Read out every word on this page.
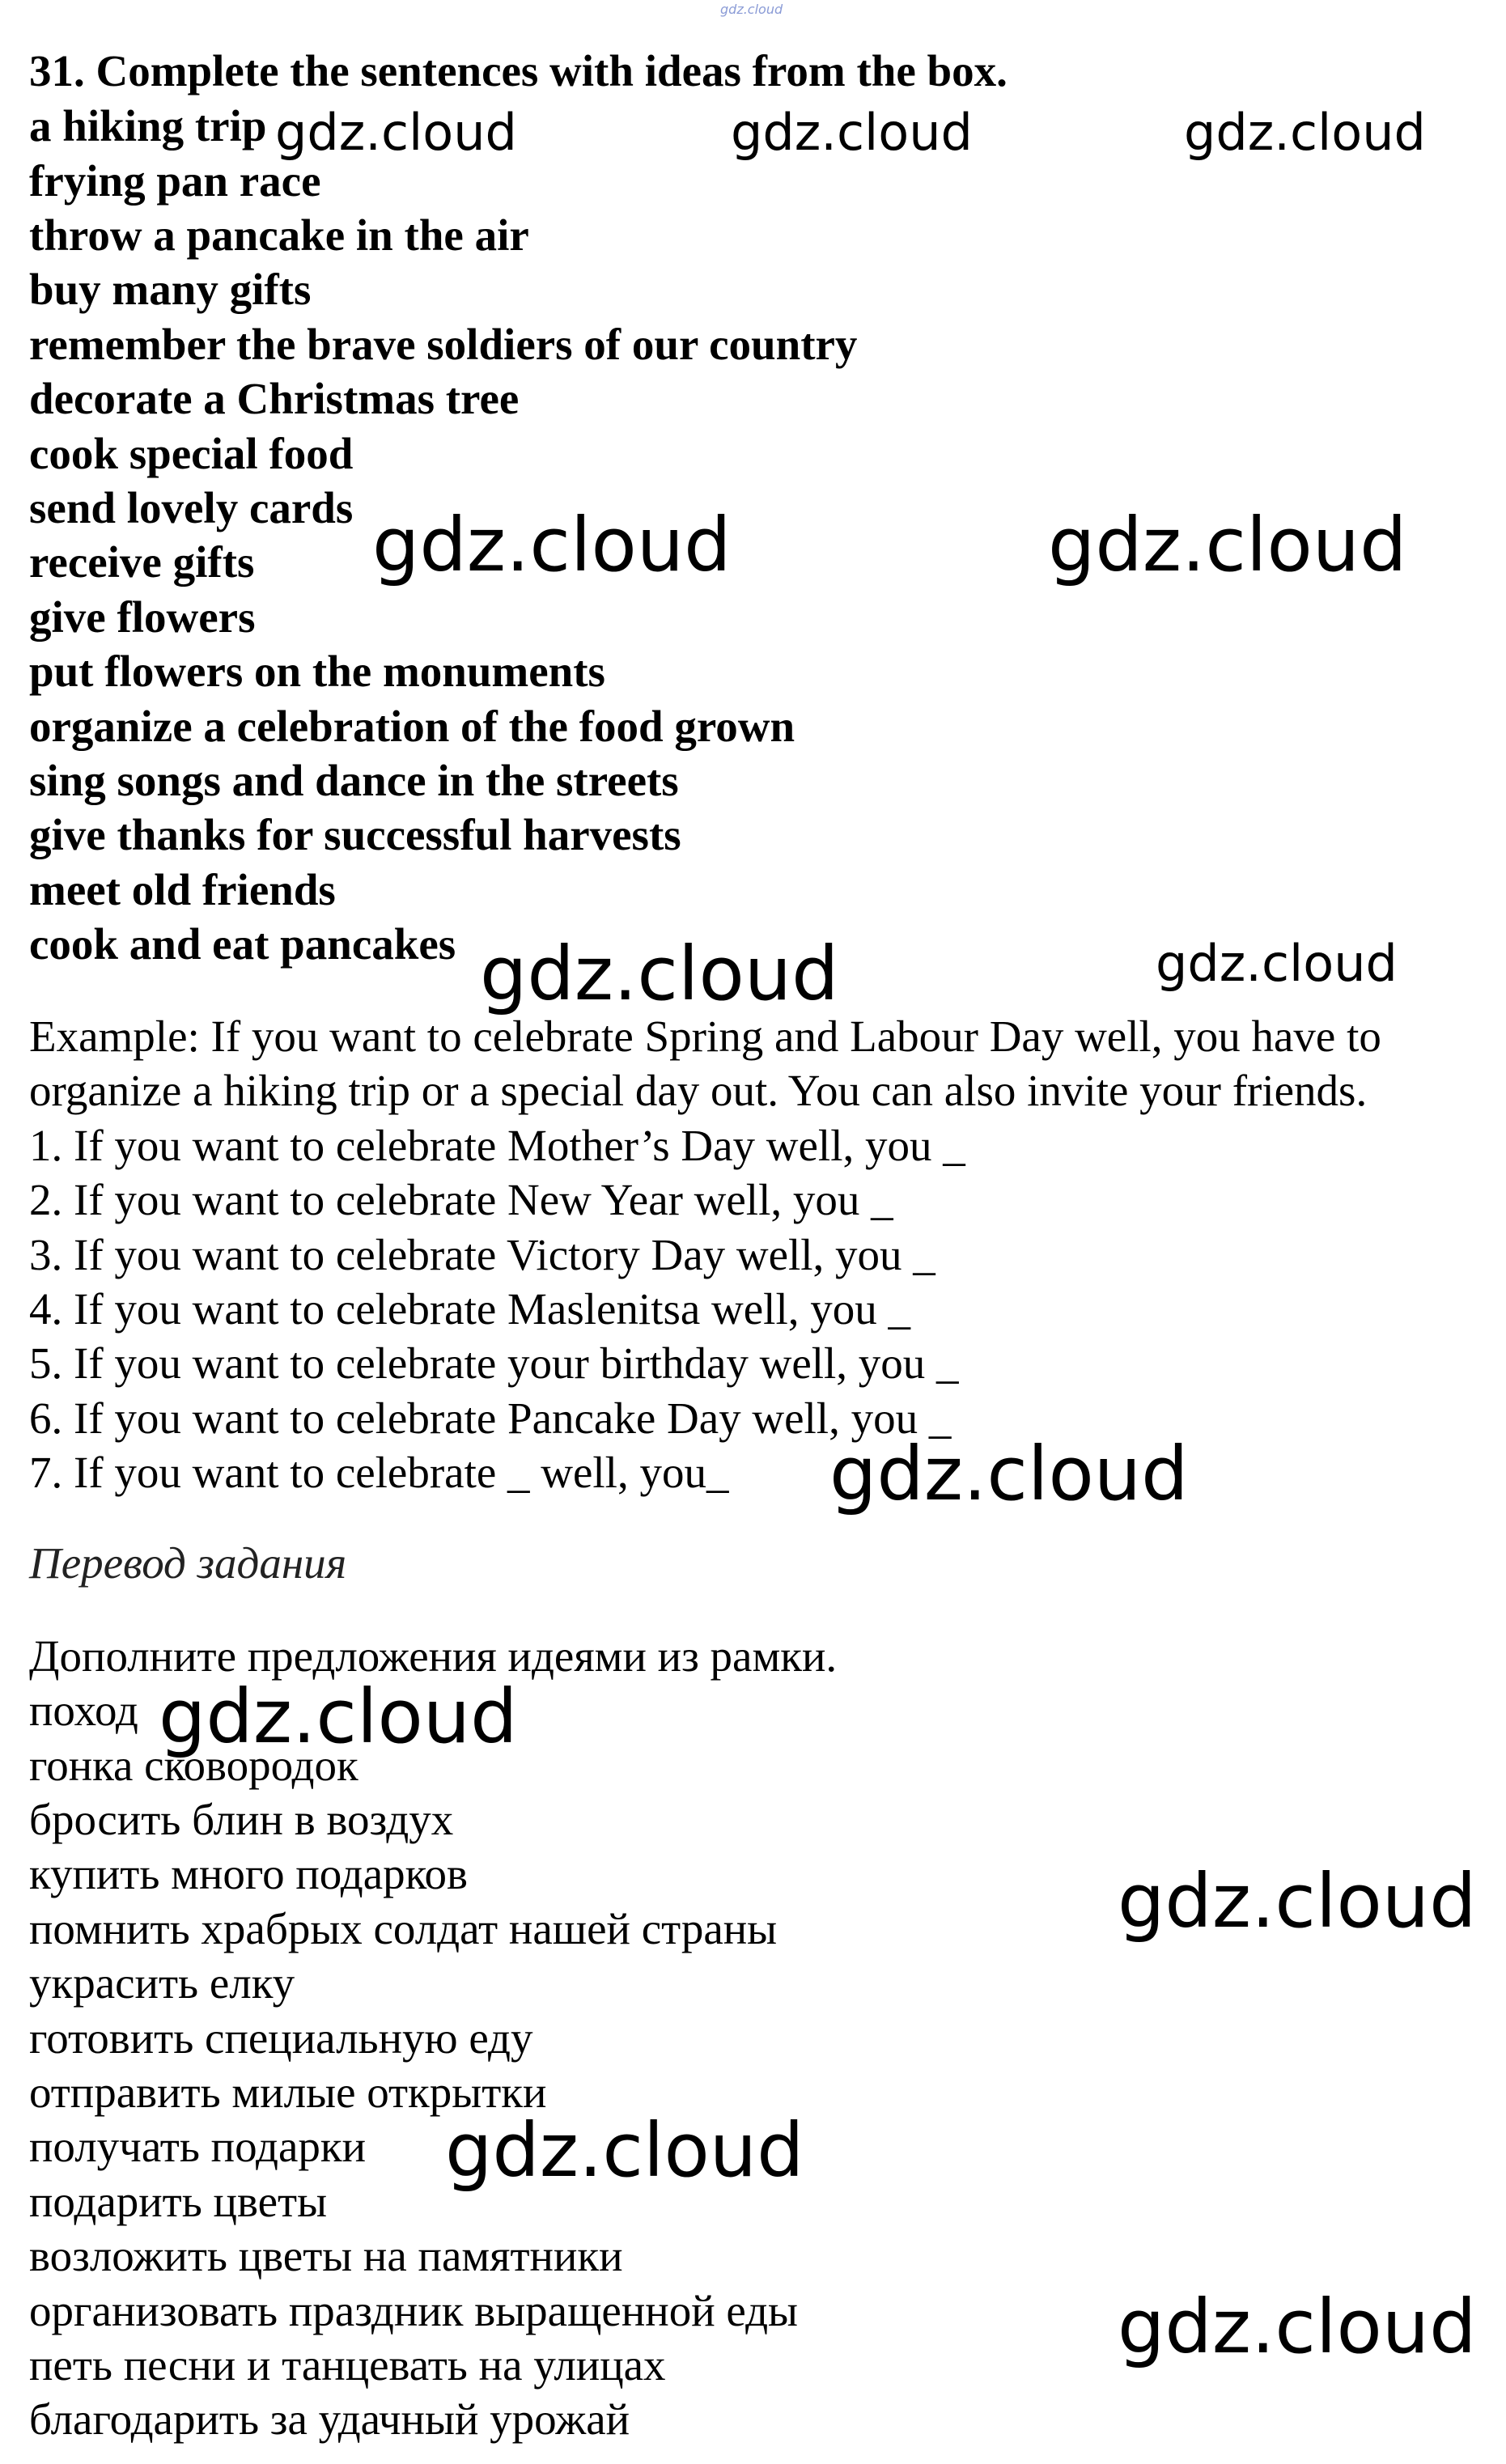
gdz.cloud
31. Complete the sentences with ideas from the box.
a hiking trip
frying pan race
throw a pancake in the air
buy many gifts
remember the brave soldiers of our country
decorate a Christmas tree
cook special food
send lovely cards
receive gifts
give flowers
put flowers on the monuments
organize a celebration of the food grown
sing songs and dance in the streets
give thanks for successful harvests
meet old friends
cook and eat pancakes
Example: If you want to celebrate Spring and Labour Day well, you have to
organize a hiking trip or a special day out. You can also invite your friends.
1. If you want to celebrate Mother’s Day well, you _
2. If you want to celebrate New Year well, you _
3. If you want to celebrate Victory Day well, you _
4. If you want to celebrate Maslenitsa well, you _
5. If you want to celebrate your birthday well, you _
6. If you want to celebrate Pancake Day well, you _
7. If you want to celebrate _ well, you_
Перевод задания
Дополните предложения идеями из рамки.
поход
гонка сковородок
бросить блин в воздух
купить много подарков
помнить храбрых солдат нашей страны
украсить елку
готовить специальную еду
отправить милые открытки
получать подарки
подарить цветы
возложить цветы на памятники
организовать праздник выращенной еды
петь песни и танцевать на улицах
благодарить за удачный урожай
gdz.cloud	gdz.cloud	gdz.cloud
gdz.cloud	gdz.cloud
gdz.cloud	gdz.cloud
gdz.cloud
gdz.cloud
gdz.cloud
gdz.cloud
gdz.cloud
